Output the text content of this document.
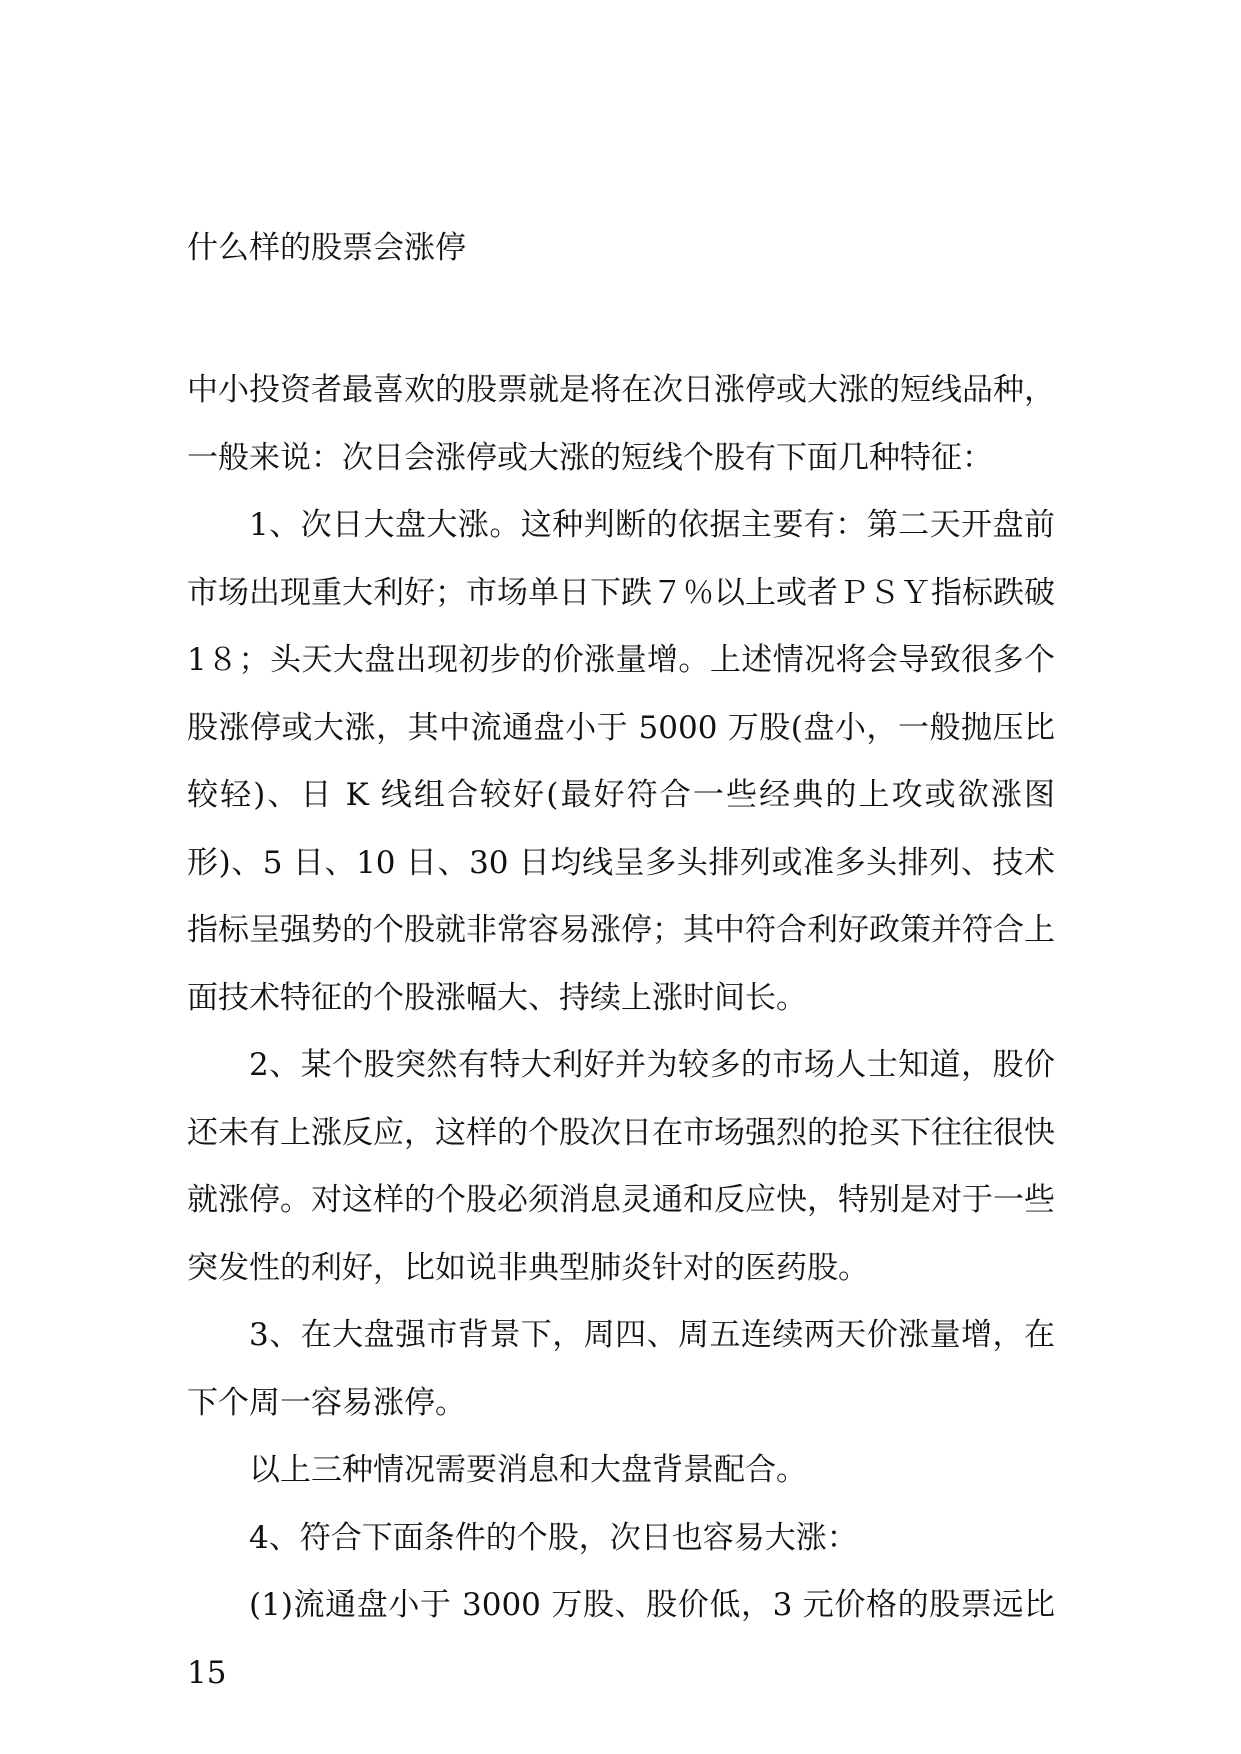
什么样的股票会涨停

中小投资者最喜欢的股票就是将在次日涨停或大涨的短线品种，一般来说：次日会涨停或大涨的短线个股有下面几种特征：

1、次日大盘大涨。这种判断的依据主要有：第二天开盘前市场出现重大利好；市场单日下跌７％以上或者ＰＳＹ指标跌破1８；头天大盘出现初步的价涨量增。上述情况将会导致很多个股涨停或大涨，其中流通盘小于 5000 万股(盘小，一般抛压比较轻)、日 K 线组合较好(最好符合一些经典的上攻或欲涨图形)、5 日、10 日、30 日均线呈多头排列或准多头排列、技术指标呈强势的个股就非常容易涨停；其中符合利好政策并符合上面技术特征的个股涨幅大、持续上涨时间长。

2、某个股突然有特大利好并为较多的市场人士知道，股价还未有上涨反应，这样的个股次日在市场强烈的抢买下往往很快就涨停。对这样的个股必须消息灵通和反应快，特别是对于一些突发性的利好，比如说非典型肺炎针对的医药股。

3、在大盘强市背景下，周四、周五连续两天价涨量增，在下个周一容易涨停。

以上三种情况需要消息和大盘背景配合。

4、符合下面条件的个股，次日也容易大涨：

(1)流通盘小于 3000 万股、股价低，3 元价格的股票远比 15
